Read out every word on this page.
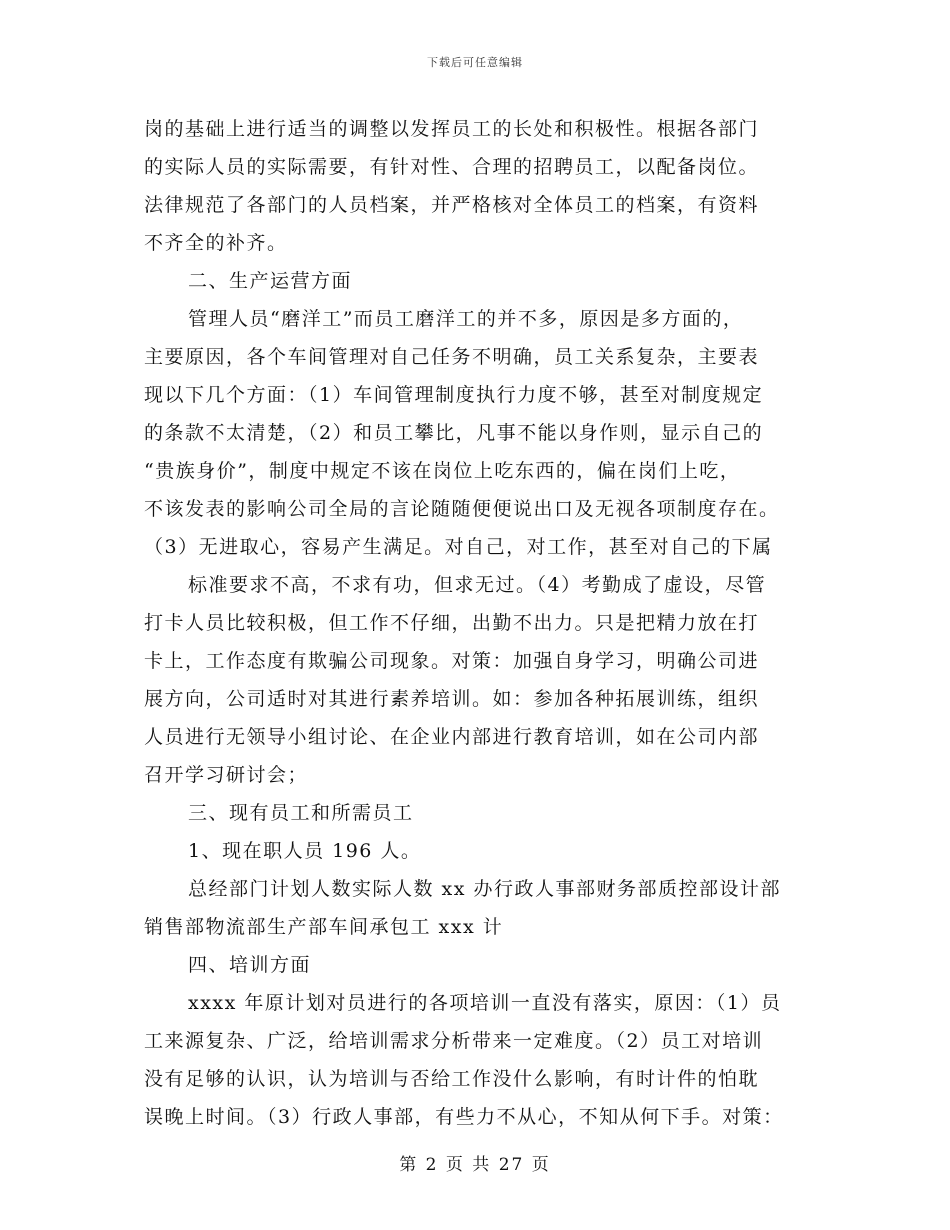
下载后可任意编辑
岗的基础上进行适当的调整以发挥员工的长处和积极性。根据各部门
的实际人员的实际需要，有针对性、合理的招聘员工，以配备岗位。
法律规范了各部门的人员档案，并严格核对全体员工的档案，有资料
不齐全的补齐。
二、生产运营方面
管理人员“磨洋工”而员工磨洋工的并不多，原因是多方面的，
主要原因，各个车间管理对自己任务不明确，员工关系复杂，主要表
现以下几个方面：（1）车间管理制度执行力度不够，甚至对制度规定
的条款不太清楚，（2）和员工攀比，凡事不能以身作则，显示自己的
“贵族身价”，制度中规定不该在岗位上吃东西的，偏在岗们上吃，
不该发表的影响公司全局的言论随随便便说出口及无视各项制度存在。
（3）无进取心，容易产生满足。对自己，对工作，甚至对自己的下属
标准要求不高，不求有功，但求无过。（4）考勤成了虚设，尽管
打卡人员比较积极，但工作不仔细，出勤不出力。只是把精力放在打
卡上，工作态度有欺骗公司现象。对策：加强自身学习，明确公司进
展方向，公司适时对其进行素养培训。如：参加各种拓展训练，组织
人员进行无领导小组讨论、在企业内部进行教育培训，如在公司内部
召开学习研讨会；
三、现有员工和所需员工
1、现在职人员 196 人。
总经部门计划人数实际人数 xx 办行政人事部财务部质控部设计部
销售部物流部生产部车间承包工 xxx 计
四、培训方面
xxxx 年原计划对员进行的各项培训一直没有落实，原因：（1）员
工来源复杂、广泛，给培训需求分析带来一定难度。（2）员工对培训
没有足够的认识，认为培训与否给工作没什么影响，有时计件的怕耽
误晚上时间。（3）行政人事部，有些力不从心，不知从何下手。对策：
第 2 页 共 27 页
